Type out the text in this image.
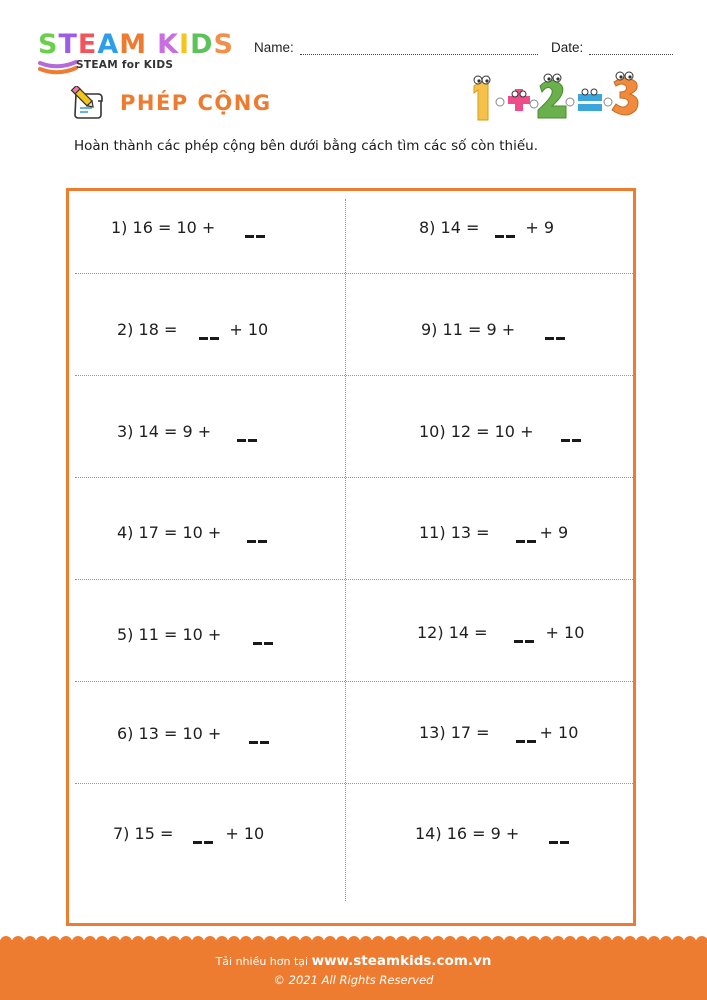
STEAM KIDS
STEAM for KIDS
Name:	Date:
PHÉP CỘNG
Hoàn thành các phép cộng bên dưới bằng cách tìm các số còn thiếu.
1) 16 = 10 +
2) 18 =	+ 10
3) 14 = 9 +
4) 17 = 10 +
5) 11 = 10 +
6) 13 = 10 +
7) 15 =	+ 10
8) 14 =	+ 9
9) 11 = 9 +
10) 12 = 10 +
11) 13 =	+ 9
12) 14 =	+ 10
13) 17 =	+ 10
14) 16 = 9 +
Tải nhiều hơn tại www.steamkids.com.vn
© 2021 All Rights Reserved
